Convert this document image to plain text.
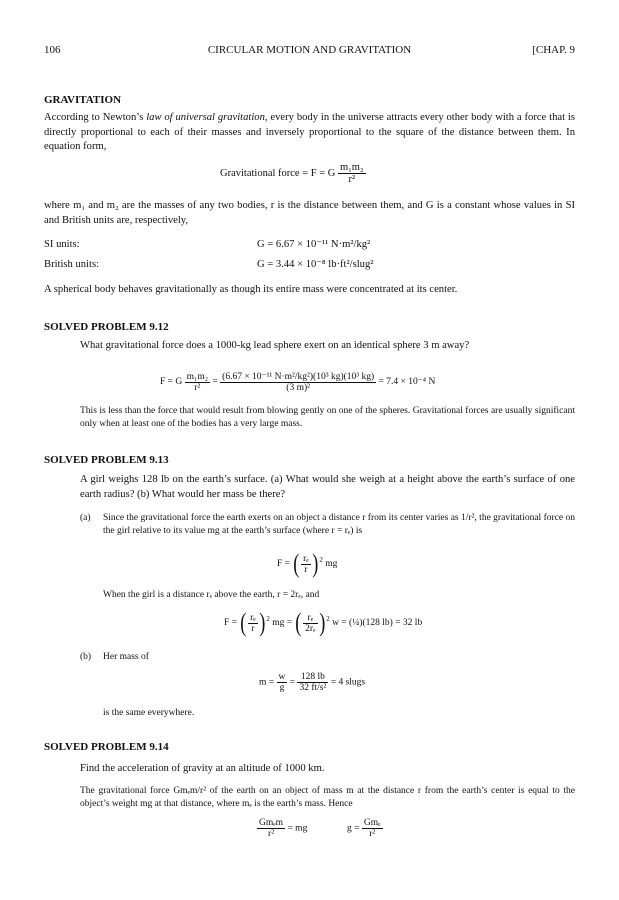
106	CIRCULAR MOTION AND GRAVITATION	[CHAP. 9
GRAVITATION
According to Newton’s law of universal gravitation, every body in the universe attracts every other body with a force that is directly proportional to each of their masses and inversely proportional to the square of the distance between them. In equation form,
Gravitational force = F = G $\frac{\text{m₁m₂}}{\text{r²}}$
where m₁ and m₂ are the masses of any two bodies, r is the distance between them, and G is a constant whose values in SI and British units are, respectively,
SI units:	G = 6.67 × 10⁻¹¹ N·m²/kg²
British units:	G = 3.44 × 10⁻⁸ lb·ft²/slug²
A spherical body behaves gravitationally as though its entire mass were concentrated at its center.
SOLVED PROBLEM 9.12
What gravitational force does a 1000-kg lead sphere exert on an identical sphere 3 m away?
F = G $\frac{\text{m₁m₂}}{\text{r²}} = \frac{\text{(6.67 × 10⁻¹¹ N·m²/kg²)(10³ kg)(10³ kg)}}{\text{(3 m)²}} = 7.4 \times 10^{-4}$ N
This is less than the force that would result from blowing gently on one of the spheres. Gravitational forces are usually significant only when at least one of the bodies has a very large mass.
SOLVED PROBLEM 9.13
A girl weighs 128 lb on the earth’s surface. (a) What would she weigh at a height above the earth’s surface of one earth radius? (b) What would her mass be there?
(a) Since the gravitational force the earth exerts on an object a distance r from its center varies as 1/r², the gravitational force on the girl relative to its value mg at the earth’s surface (where r = rₑ) is
F = ( $\frac{\text{rₑ}}{r} )^2$ mg
When the girl is a distance rₑ above the earth, r = 2rₑ, and
F = ( $\frac{\text{rₑ}}{r} )^2$ mg = ( $\frac{\text{rₑ}}{\text{2rₑ}} )^2$ w = (¼)(128 lb) = 32 lb
(b) Her mass of
$m = \frac{w}{g} = \frac{128 lb}{\text{32 ft/s²}} = 4$ slugs
is the same everywhere.
SOLVED PROBLEM 9.14
Find the acceleration of gravity at an altitude of 1000 km.
The gravitational force Gmₑm/r² of the earth on an object of mass m at the distance r from the earth’s center is equal to the object’s weight mg at that distance, where mₑ is the earth’s mass. Hence
$\frac{\text{Gmₑm}}{\text{r²}}$ = mg	$g = \frac{\text{Gmₑ}}{\text{r²}}$
